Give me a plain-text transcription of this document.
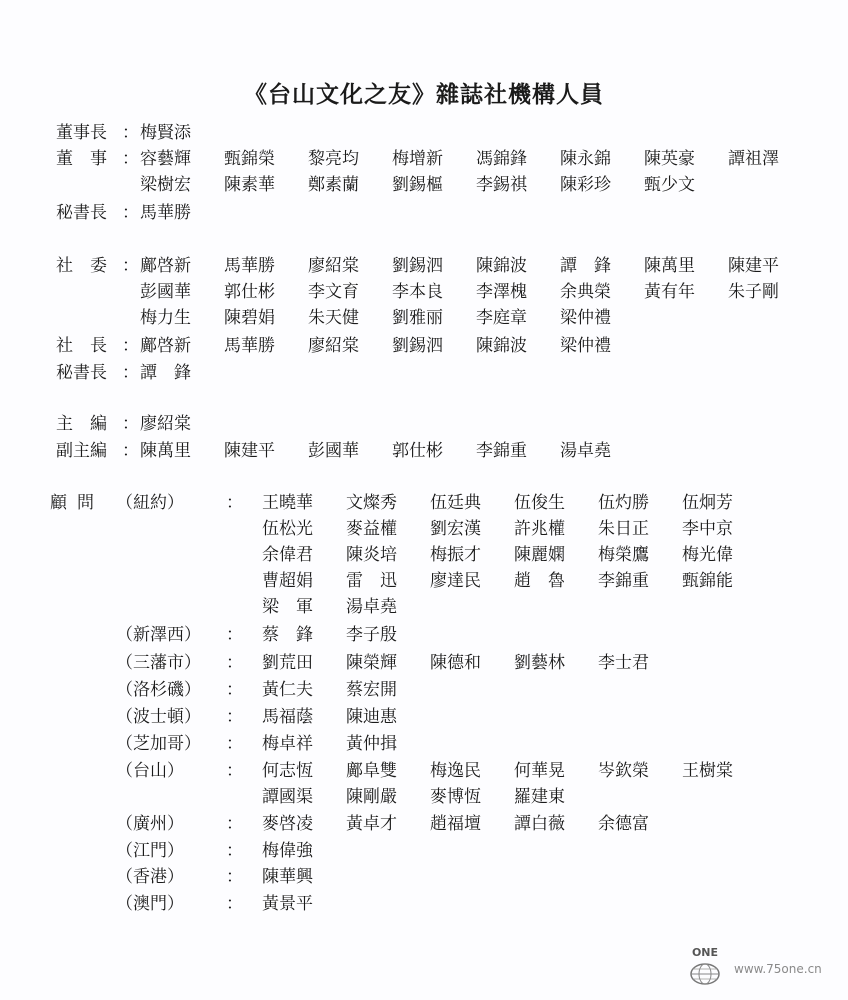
《台山文化之友》雜誌社機構人員
董事長 ： 梅賢添
董　事 ： 容藝輝 甄錦榮 黎亮均 梅增新 馮錦鋒 陳永錦 陳英豪 譚祖澤
梁樹宏 陳素華 鄭素蘭 劉錫樞 李錫祺 陳彩珍 甄少文
秘書長 ： 馬華勝
社　委 ： 鄺啓新 馬華勝 廖紹棠 劉錫泗 陳錦波 譚　鋒 陳萬里 陳建平
彭國華 郭仕彬 李文育 李本良 李澤槐 余典榮 黃有年 朱子剛
梅力生 陳碧娟 朱天健 劉雅丽 李庭章 梁仲禮
社　長 ： 鄺啓新 馬華勝 廖紹棠 劉錫泗 陳錦波 梁仲禮
秘書長 ： 譚　鋒
主　編 ： 廖紹棠
副主編 ： 陳萬里 陳建平 彭國華 郭仕彬 李錦重 湯卓堯
顧問 （紐約） ： 王曉華 文燦秀 伍廷典 伍俊生 伍灼勝 伍炯芳
伍松光 麥益權 劉宏漢 許兆權 朱日正 李中京
余偉君 陳炎培 梅振才 陳麗嫻 梅榮鷹 梅光偉
曹超娟 雷　迅 廖達民 趙　魯 李錦重 甄錦能
梁　軍 湯卓堯
（新澤西） ： 蔡　鋒 李子殷
（三藩市） ： 劉荒田 陳榮輝 陳德和 劉藝林 李士君
（洛杉磯） ： 黃仁夫 蔡宏開
（波士頓） ： 馬福蔭 陳迪惠
（芝加哥） ： 梅卓祥 黃仲揖
（台山） ： 何志恆 鄺阜雙 梅逸民 何華晃 岑欽榮 王樹棠
譚國渠 陳剛嚴 麥博恆 羅建東
（廣州） ： 麥啓凌 黃卓才 趙福壇 譚白薇 余德富
（江門） ： 梅偉強
（香港） ： 陳華興
（澳門） ： 黃景平
ONE
www.75one.cn
